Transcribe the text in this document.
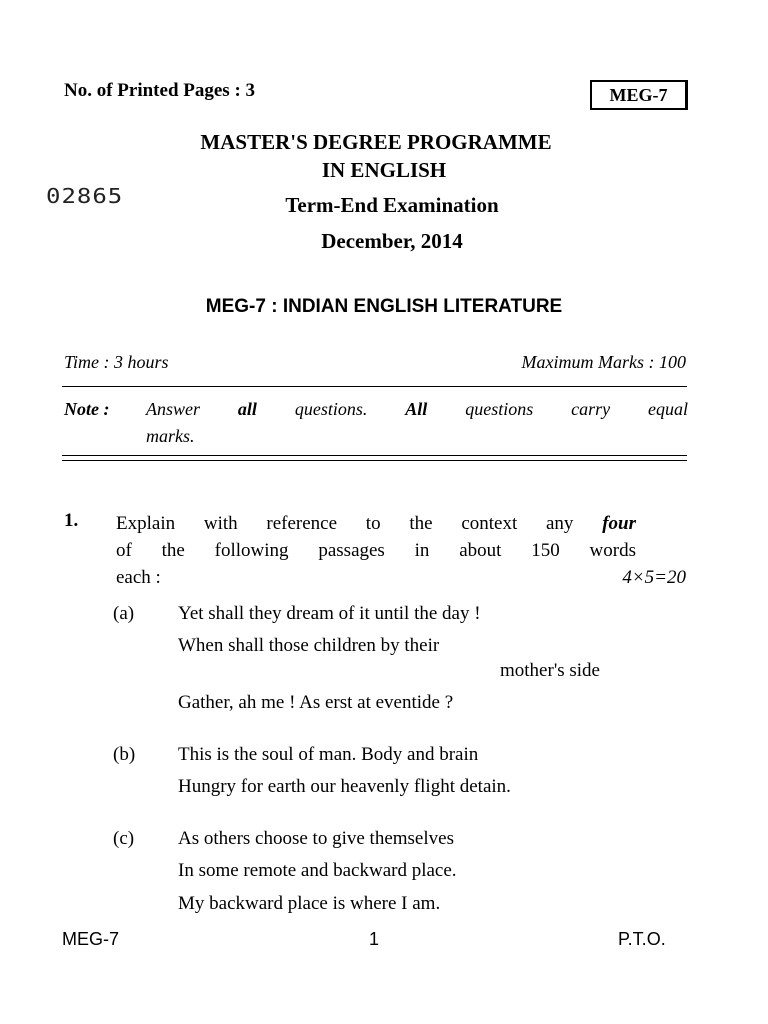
No. of Printed Pages : 3	MEG-7
MASTER'S DEGREE PROGRAMME
IN ENGLISH
02865	Term-End Examination
December, 2014
MEG-7 : INDIAN ENGLISH LITERATURE
Time : 3 hours	Maximum Marks : 100
Note : Answer all questions. All questions carry equal
marks.
1. Explain with reference to the context any four
of the following passages in about 150 words
each :	4×5=20
(a) Yet shall they dream of it until the day !
When shall those children by their
mother's side
Gather, ah me ! As erst at eventide ?
(b) This is the soul of man. Body and brain
Hungry for earth our heavenly flight detain.
(c) As others choose to give themselves
In some remote and backward place.
My backward place is where I am.
MEG-7	1	P.T.O.
